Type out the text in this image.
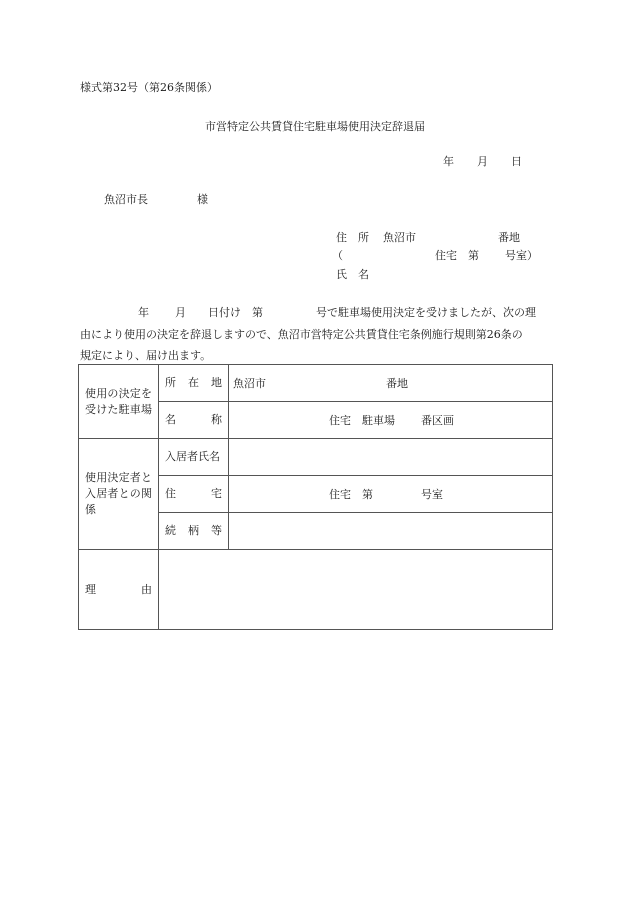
様式第32号（第26条関係）
市営特定公共賃貸住宅駐車場使用決定辞退届
年 月 日
魚沼市長	様
住　所 魚沼市	番地
（	住宅　第 号室）
氏　名
年 月 日付け　第	号で駐車場使用決定を受けましたが、次の理
由により使用の決定を辞退しますので、魚沼市営特定公共賃貸住宅条例施行規則第26条の
規定により、届け出ます。
使用の決定を受けた駐車場	所　在　地	魚沼市 番地

	名　　　称	住宅　駐車場 番区画

使用決定者と入居者との関係	入居者氏名	
	住　　　宅	住宅　第 号室

	続　柄　等	
理　　　由		
